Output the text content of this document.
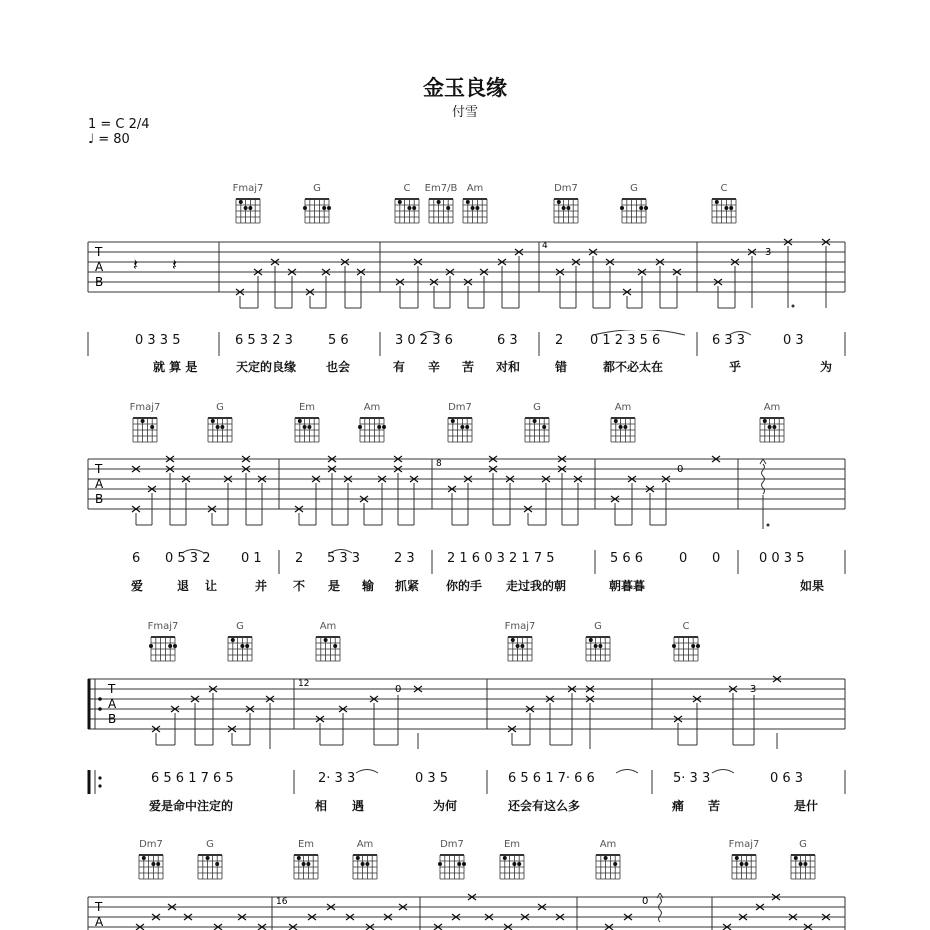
金玉良缘
付雪
1 = C 2/4
♩ = 80
Fmaj7	G	C	Em7/B Am	Dm7	G	C
T
A
B
𝄽 𝄽
4
3
0 3 3 5	6 5 3 2 3	5 6	3 0 2 3 6	6 3	2 0 1 2 3 5 6	6 3 3	0 3
就 算 是	天定的良缘 也会	有 辛 苦 对和	错	都不必太在	乎	为
Fmaj7	G	Em	Am	Dm7	G	Am	Am
T
A
B
8	0
6 0 5 3 2 0 1	2 5 3 3	2 3 2 1 6 0 3 2 1 7 5	5 6 6	0 0	0 0 3 5
爱	退 让	并 不 是 输 抓紧 你的手 走过我的朝	朝暮暮	如果
Fmaj7	G	Am	Fmaj7	G	C
T
A
B
12	0	3
6 5 6 1 7 6 5	2· 3 3	0 3 5	6 5 6 1 7· 6 6	5· 3 3	0 6 3
爱是命中注定的	相 遇	为何	还会有这么多	痛 苦	是什
Dm7	G	Em	Am	Dm7	Em	Am	Fmaj7	G
T
A
16	0
